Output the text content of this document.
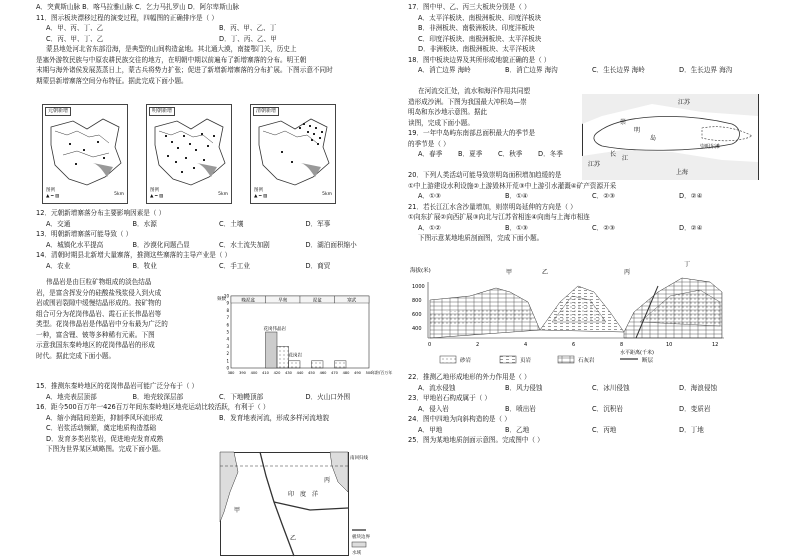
A．突黄斯山脉 B．喀马拉雅山脉 C．乞力马扎罗山 D．阿尔卑斯山脉
11．图示板块漂移过程的演变过程，四幅图的正确排序是（ ）
A．甲、丙、丁、乙	B．丙、甲、乙、丁
C．丙、甲、丁、乙	D．丁、丙、乙、甲
蒙县地处河北省东部沿海，是典型的山间构造盆地。其北通大漠，南接鄂门关，历史上
是塞外游牧民族与中原农耕民族交往的地方，在明朝中期以前遍布了新增寨落的分布。明王朝
末期与海外诸侯发展蒸蒸日上，蒙古兵将势力扩张；促进了新增新增寨落的分布扩展。下图示意不同时
期蒙县新增寨落空间分布特征。据此完成下面小题。
元朝新增
图例
▲ ━ ▨	5km
明朝新增
图例
▲ ━ ▨	5km
清朝新增
图例
▲ ━ ▨	5km
12．元朝新增寨落分布主要影响因素是（ ）
A．交通	B．水源	C．土壤	D．军事
13．明朝新增寨落可能导致（ ）
A．城镇化水平提高	B．沙漠化问题凸显	C．水土流失加剧	D．湖泊面积缩小
14．清朝时期县北新增大量寨落，推测这些寨落的主导产业是（ ）
A．农业	B．牧业	C．手工业	D．商贸
伟晶岩是由巨粒矿物组成的淡色结晶
岩，是富含挥发分的硅酸盐残浆侵入到火成
岩或围岩裂隙中缓慢结晶形成的。按矿物的
组合可分为花岗伟晶岩、霞石正长伟晶岩等
类型。花岗伟晶岩是伟晶岩中分布最为广泛的
一种，富含锂、铍等多种稀有元素。下图
示意我国东秦岭地区的花岗伟晶岩的形成
时代。据此完成下面小题。
晚泥盆	早奥	泥盆	寒武
花岗伟晶岩
花岗岩
0
1
2
3
4
5
6
7
8
9
10
380 390 400 410 420 430 440 450 460 470 480 490 500
年龄/百万年
频数
15．推测东秦岭地区的花岗伟晶岩可能广泛分布于（ ）
A．地壳表层顶部	B．地壳较深层部	C．下地幔顶部	D．火山口外围
16．距今500百万年一426百万年间东秦岭地区地壳运动比较活跃，有利于（ ）
A．缩小海陆间差距，抑制季风环流形成	B．发育地表河流，形成多样河流地貌
C．岩浆活动频繁，奠定地质构造基础
D．发育多类岩浆岩，促进地壳发育成熟
下图为世界某区域略图。完成下面小题。
甲
印 度 洋
丙
乙
南回归线
板块边界
水域
17．图中甲、乙、丙三大板块分别是（ ）
A．太平洋板块、南极洲板块、印度洋板块
B．非洲板块、南极洲板块、印度洋板块
C．印度洋板块、南极洲板块、太平洋板块
D．非洲板块、南极洲板块、太平洋板块
18．图中板块边界及其所形成地貌正确的是（ ）
A．消亡边界 海岭	B．消亡边界 海沟	C．生长边界 海岭	D．生长边界 海沟
在河流交汇处，流水和海洋作用共同塑
造形成沙洲。下图为我国最大冲积岛—崇
明岛和东沙地示意图。据此
读图，完成下面小题。
19．一年中岛屿东南部总面积最大的季节是
的季节是（ ）
A．春季	B．夏季	C．秋季	D．冬季
江苏
崇
明
岛
崇明东滩
江苏
上海
长
江
20．下列人类活动可能导致崇明岛面积增加趋缓的是
①中上游建设水利设施②上游毁林开荒③中上游引水灌溉④矿产资源开采
A．①③	B．①④	C．②③	D．②④
21．若长江江水含沙量增加，则崇明岛延伸的方向是（ ）
①向东扩展②向西扩展③向北与江苏省相连④向南与上海市相连
A．①②	B．①③	C．②③	D．②④
下图示意某地地质剖面图，完成下面小题。
海拔(米)	甲	乙	丙
丁
1000
800
600
400
0	2	4	6	8	10	12
水平距离(千米)
砂岩	页岩	石灰岩	断层
22．推测乙地形成地形的外力作用是（ ）
A．流水侵蚀	B．风力侵蚀	C．冰川侵蚀	D．海浪侵蚀
23．甲地岩石构成属于（ ）
A．侵入岩	B．喷出岩	C．沉积岩	D．变质岩
24．图中四地为向斜构造的是（ ）
A．甲地	B．乙地	C．丙地	D．丁地
25．图为某地地质剖面示意图。完成图中（ ）
